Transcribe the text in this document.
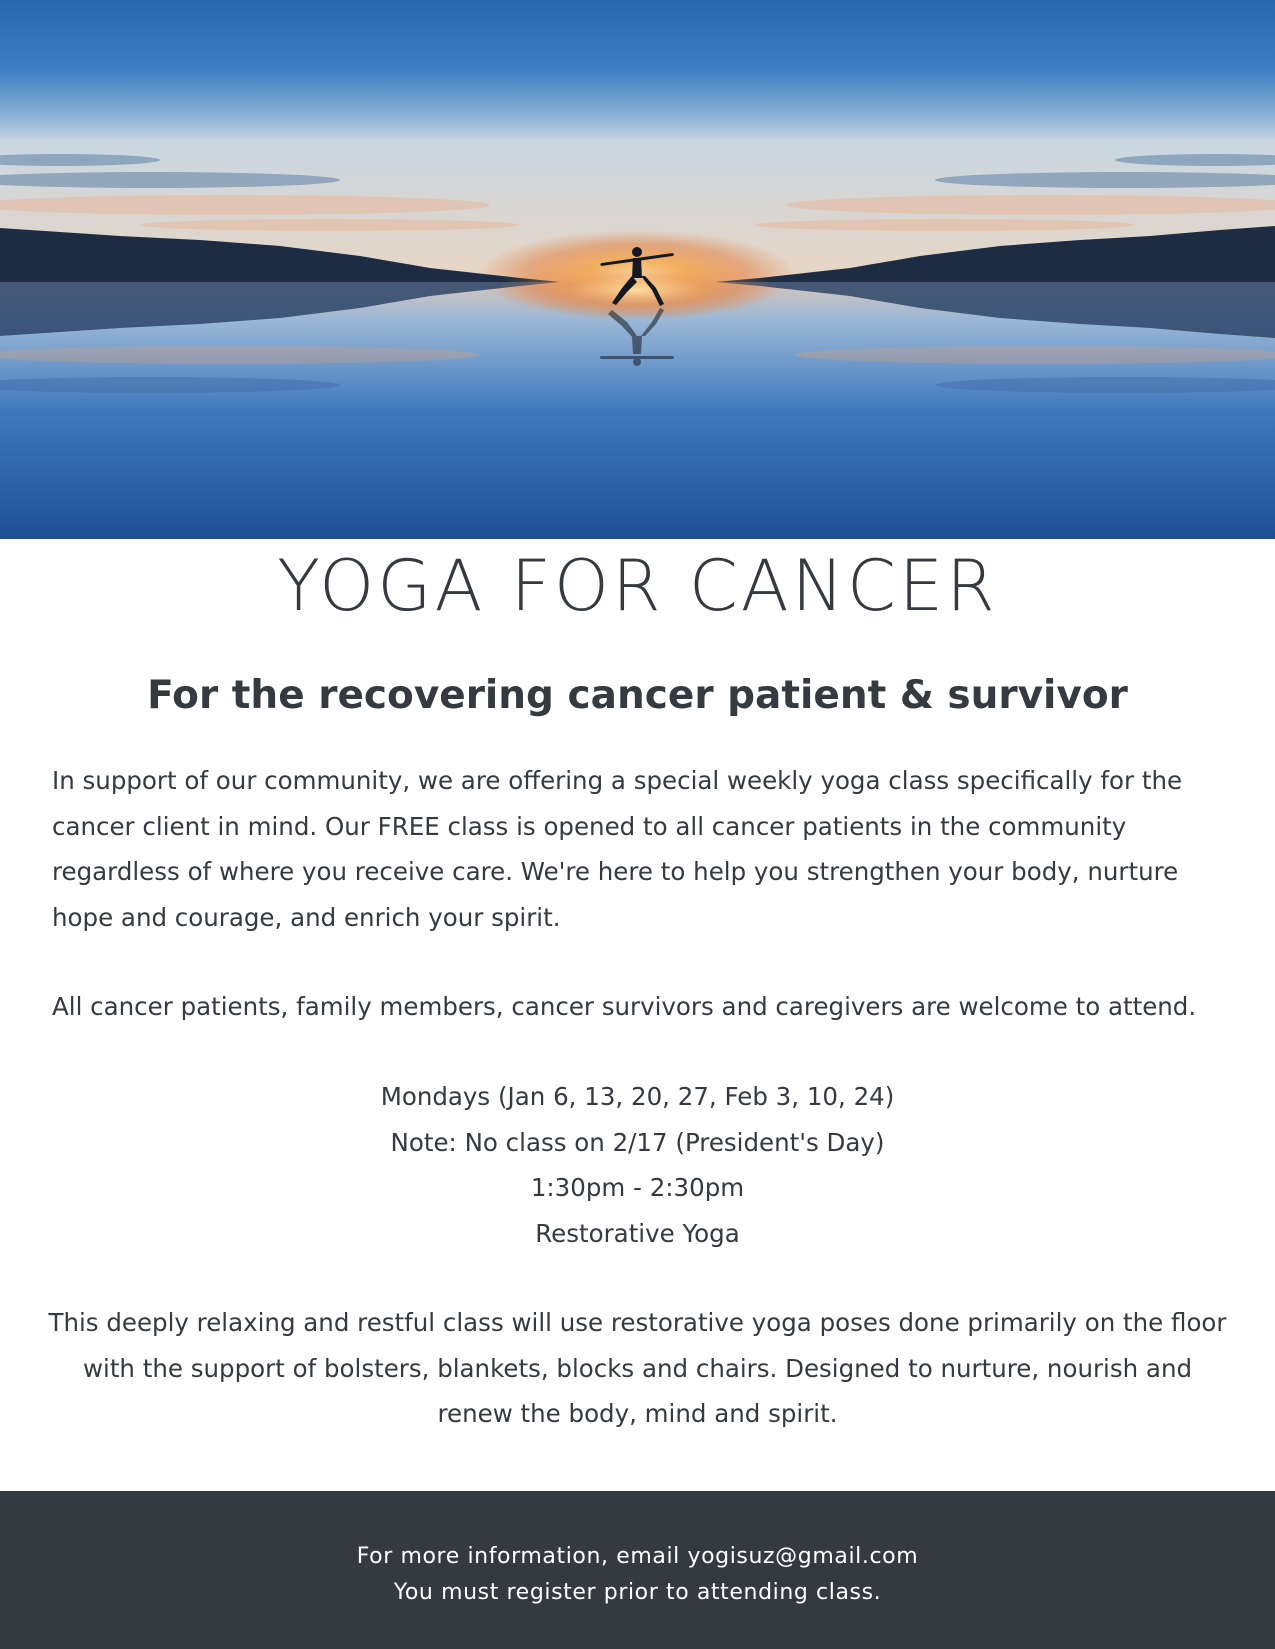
YOGA FOR CANCER
For the recovering cancer patient & survivor

In support of our community, we are offering a special weekly yoga class specifically for the cancer client in mind. Our FREE class is opened to all cancer patients in the community regardless of where you receive care. We're here to help you strengthen your body, nurture hope and courage, and enrich your spirit.

All cancer patients, family members, cancer survivors and caregivers are welcome to attend.

Mondays (Jan 6, 13, 20, 27, Feb 3, 10, 24)
Note: No class on 2/17 (President's Day)
1:30pm - 2:30pm
Restorative Yoga

This deeply relaxing and restful class will use restorative yoga poses done primarily on the floor with the support of bolsters, blankets, blocks and chairs. Designed to nurture, nourish and renew the body, mind and spirit.

For more information, email yogisuz@gmail.com
You must register prior to attending class.
